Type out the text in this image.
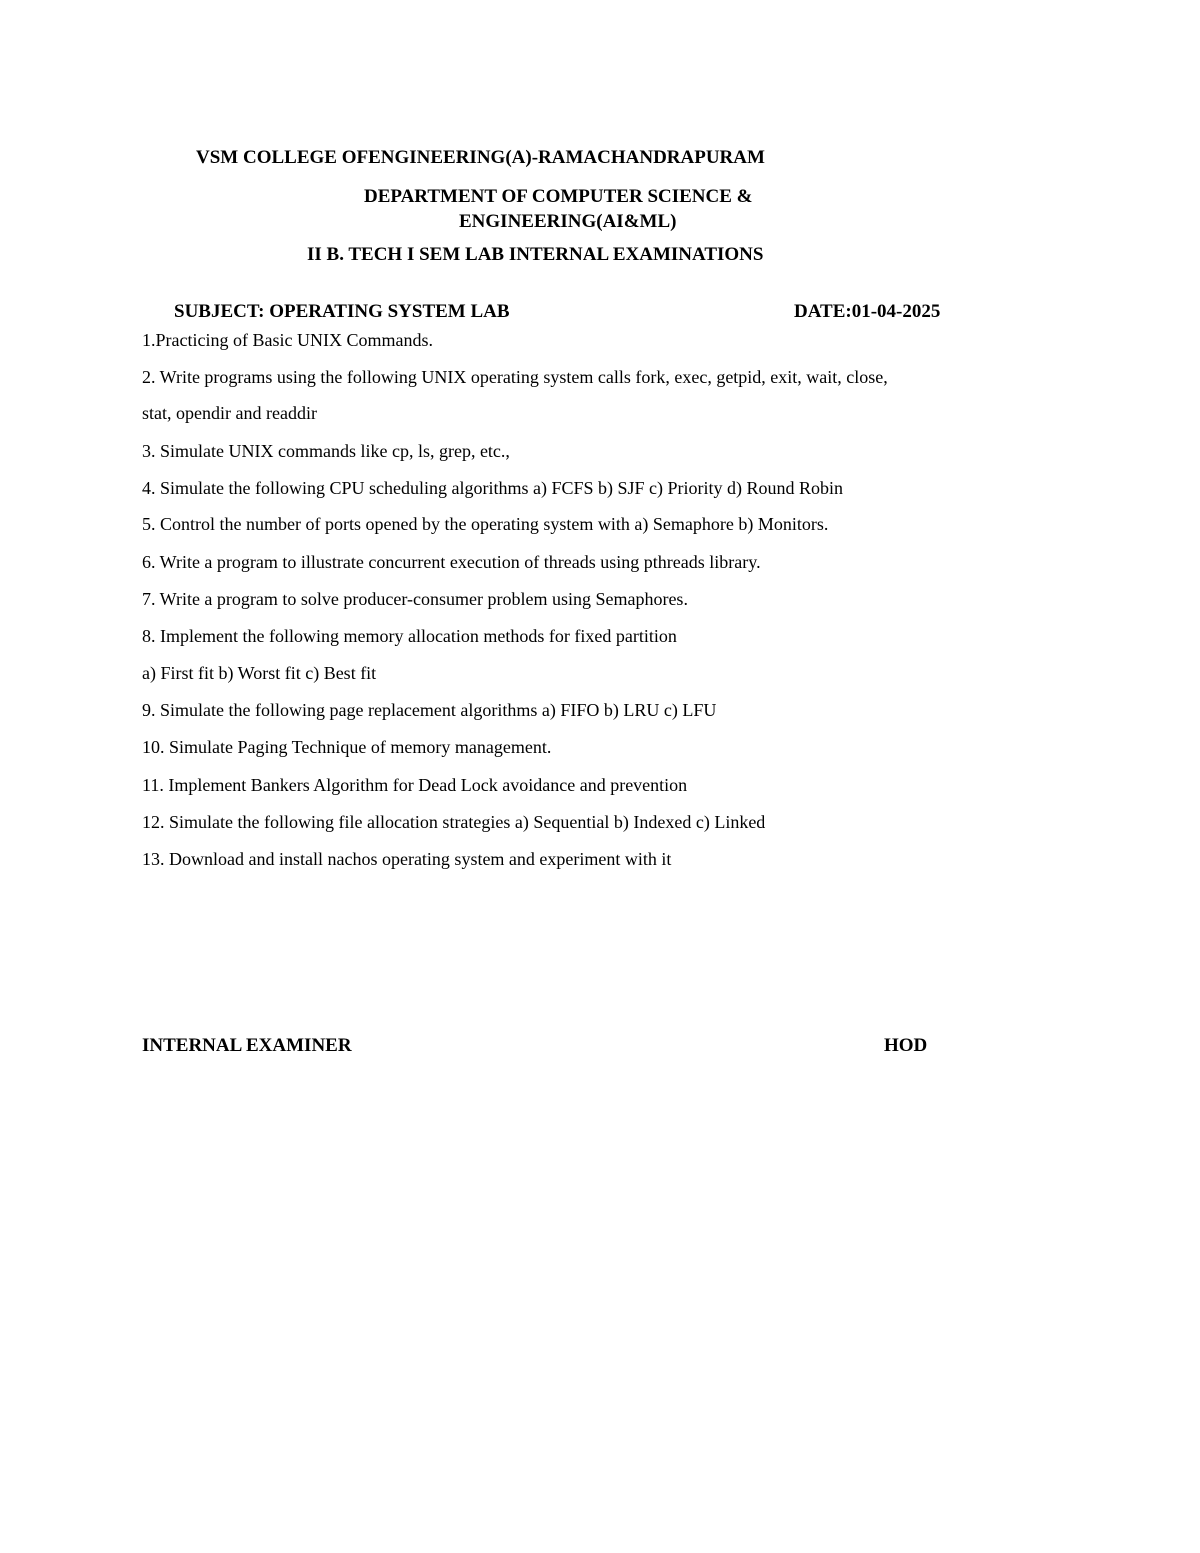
VSM COLLEGE OFENGINEERING(A)-RAMACHANDRAPURAM
DEPARTMENT OF COMPUTER SCIENCE &
ENGINEERING(AI&ML)
II B. TECH I SEM LAB INTERNAL EXAMINATIONS
SUBJECT: OPERATING SYSTEM LAB	DATE:01-04-2025
1.Practicing of Basic UNIX Commands.
2. Write programs using the following UNIX operating system calls fork, exec, getpid, exit, wait, close,
stat, opendir and readdir
3. Simulate UNIX commands like cp, ls, grep, etc.,
4. Simulate the following CPU scheduling algorithms a) FCFS b) SJF c) Priority d) Round Robin
5. Control the number of ports opened by the operating system with a) Semaphore b) Monitors.
6. Write a program to illustrate concurrent execution of threads using pthreads library.
7. Write a program to solve producer-consumer problem using Semaphores.
8. Implement the following memory allocation methods for fixed partition
a) First fit b) Worst fit c) Best fit
9. Simulate the following page replacement algorithms a) FIFO b) LRU c) LFU
10. Simulate Paging Technique of memory management.
11. Implement Bankers Algorithm for Dead Lock avoidance and prevention
12. Simulate the following file allocation strategies a) Sequential b) Indexed c) Linked
13. Download and install nachos operating system and experiment with it
INTERNAL EXAMINER	HOD
